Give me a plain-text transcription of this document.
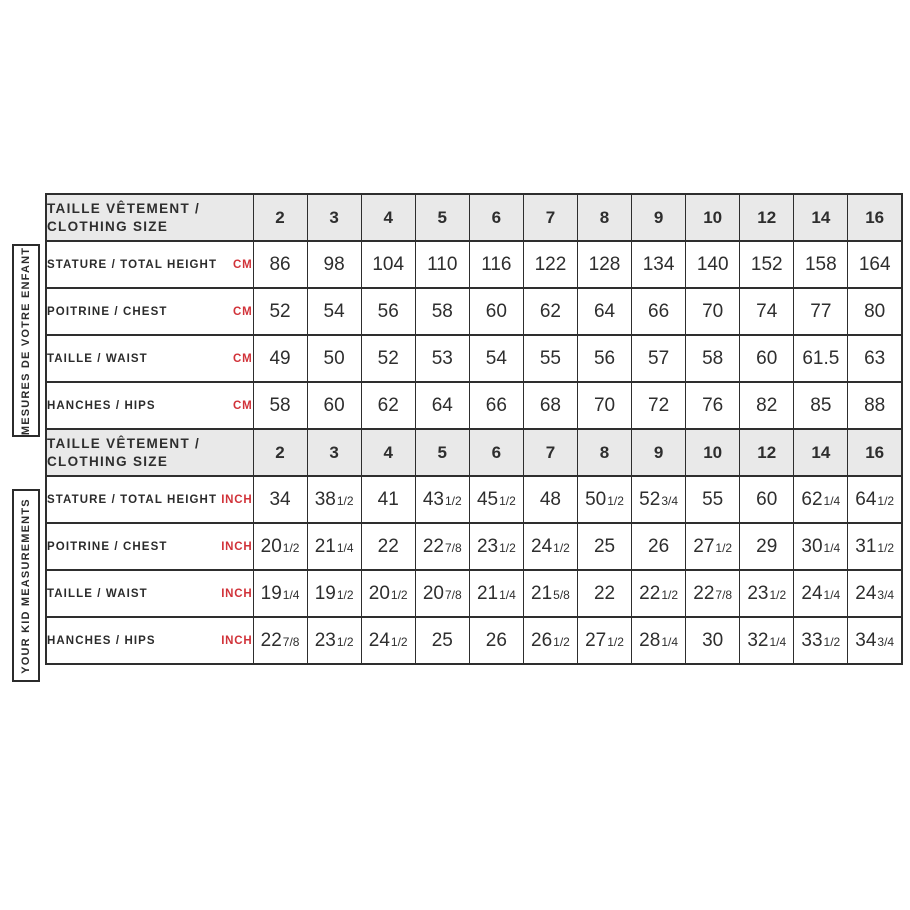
MESURES DE VOTRE ENFANT
YOUR KID MEASUREMENTS
TAILLE VÊTEMENT /
CLOTHING SIZE	2	3	4	5	6	7	8	9	10	12	14	16

STATURE / TOTAL HEIGHT CM	86	98	104	110	116	122	128	134	140	152	158	164

POITRINE / CHEST CM	52	54	56	58	60	62	64	66	70	74	77	80

TAILLE / WAIST CM	49	50	52	53	54	55	56	57	58	60	61.5	63

HANCHES / HIPS CM	58	60	62	64	66	68	70	72	76	82	85	88

TAILLE VÊTEMENT /
CLOTHING SIZE	2	3	4	5	6	7	8	9	10	12	14	16

STATURE / TOTAL HEIGHT INCH	34	381/2	41	431/2	451/2	48	501/2	523/4	55	60	621/4	641/2

POITRINE / CHEST INCH	201/2	211/4	22	227/8	231/2	241/2	25	26	271/2	29	301/4	311/2

TAILLE / WAIST INCH	191/4	191/2	201/2	207/8	211/4	215/8	22	221/2	227/8	231/2	241/4	243/4

HANCHES / HIPS INCH	227/8	231/2	241/2	25	26	261/2	271/2	281/4	30	321/4	331/2	343/4
